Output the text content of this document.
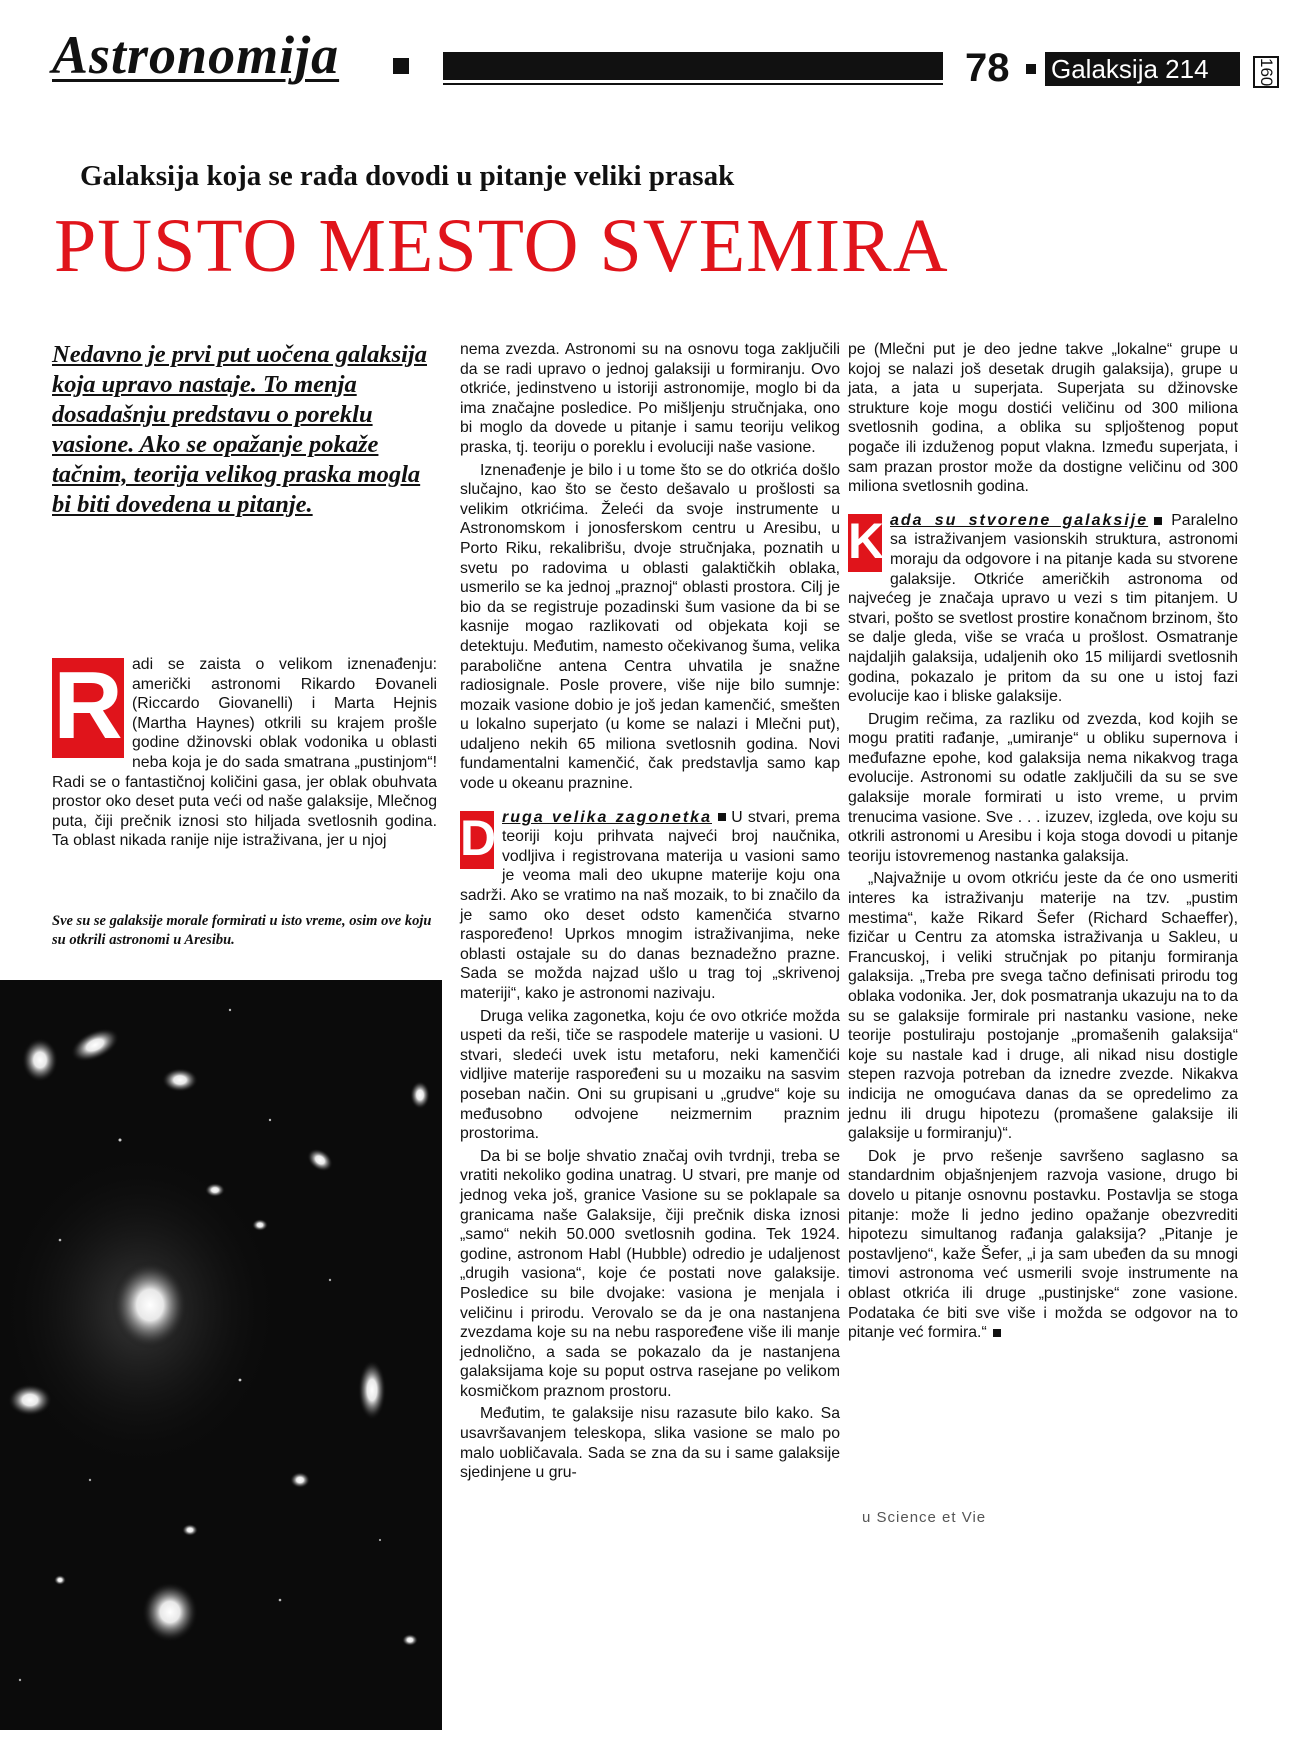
Astronomija	78 Galaksija 214	160
Galaksija koja se rađa dovodi u pitanje veliki prasak
PUSTO MESTO SVEMIRA
Nedavno je prvi put uočena galaksija koja upravo nastaje. To menja dosadašnju predstavu o poreklu vasione. Ako se opažanje pokaže tačnim, teorija velikog praska mogla bi biti dovedena u pitanje.

R adi se zaista o velikom iznenađenju: američki astronomi Rikardo Đovaneli (Riccardo Giovanelli) i Marta Hejnis (Martha Haynes) otkrili su krajem prošle godine džinovski oblak vodonika u oblasti neba koja je do sada smatrana „pustinjom“! Radi se o fantastičnoj količini gasa, jer oblak obuhvata prostor oko deset puta veći od naše galaksije, Mlečnog puta, čiji prečnik iznosi sto hiljada svetlosnih godina. Ta oblast nikada ranije nije istraživana, jer u njoj

Sve su se galaksije morale formirati u isto vreme, osim ove koju su otkrili astronomi u Aresibu.

nema zvezda. Astronomi su na osnovu toga zaključili da se radi upravo o jednoj galaksiji u formiranju. Ovo otkriće, jedinstveno u istoriji astronomije, moglo bi da ima značajne posledice. Po mišljenju stručnjaka, ono bi moglo da dovede u pitanje i samu teoriju velikog praska, tj. teoriju o poreklu i evoluciji naše vasione.

Iznenađenje je bilo i u tome što se do otkrića došlo slučajno, kao što se često dešavalo u prošlosti sa velikim otkrićima. Želeći da svoje instrumente u Astronomskom i jonosferskom centru u Aresibu, u Porto Riku, rekalibrišu, dvoje stručnjaka, poznatih u svetu po radovima u oblasti galaktičkih oblaka, usmerilo se ka jednoj „praznoj“ oblasti prostora. Cilj je bio da se registruje pozadinski šum vasione da bi se kasnije mogao razlikovati od objekata koji se detektuju. Međutim, namesto očekivanog šuma, velika parabolične antena Centra uhvatila je snažne radiosignale. Posle provere, više nije bilo sumnje: mozaik vasione dobio je još jedan kamenčić, smešten u lokalno superjato (u kome se nalazi i Mlečni put), udaljeno nekih 65 miliona svetlosnih godina. Novi fundamentalni kamenčić, čak predstavlja samo kap vode u okeanu praznine.

D ruga velika zagonetka U stvari, prema teoriji koju prihvata najveći broj naučnika, vodljiva i registrovana materija u vasioni samo je veoma mali deo ukupne materije koju ona sadrži. Ako se vratimo na naš mozaik, to bi značilo da je samo oko deset odsto kamenčića stvarno raspoređeno! Uprkos mnogim istraživanjima, neke oblasti ostajale su do danas beznadežno prazne. Sada se možda najzad ušlo u trag toj „skrivenoj materiji“, kako je astronomi nazivaju.

Druga velika zagonetka, koju će ovo otkriće možda uspeti da reši, tiče se raspodele materije u vasioni. U stvari, sledeći uvek istu metaforu, neki kamenčići vidljive materije raspoređeni su u mozaiku na sasvim poseban način. Oni su grupisani u „grudve“ koje su međusobno odvojene neizmernim praznim prostorima.

Da bi se bolje shvatio značaj ovih tvrdnji, treba se vratiti nekoliko godina unatrag. U stvari, pre manje od jednog veka još, granice Vasione su se poklapale sa granicama naše Galaksije, čiji prečnik diska iznosi „samo“ nekih 50.000 svetlosnih godina. Tek 1924. godine, astronom Habl (Hubble) odredio je udaljenost „drugih vasiona“, koje će postati nove galaksije. Posledice su bile dvojake: vasiona je menjala i veličinu i prirodu. Verovalo se da je ona nastanjena zvezdama koje su na nebu raspoređene više ili manje jednolično, a sada se pokazalo da je nastanjena galaksijama koje su poput ostrva rasejane po velikom kosmičkom praznom prostoru.

Međutim, te galaksije nisu razasute bilo kako. Sa usavršavanjem teleskopa, slika vasione se malo po malo uobličavala. Sada se zna da su i same galaksije sjedinjene u gru-

pe (Mlečni put je deo jedne takve „lokalne“ grupe u kojoj se nalazi još desetak drugih galaksija), grupe u jata, a jata u superjata. Superjata su džinovske strukture koje mogu dostići veličinu od 300 miliona svetlosnih godina, a oblika su spljoštenog poput pogače ili izduženog poput vlakna. Između superjata, i sam prazan prostor može da dostigne veličinu od 300 miliona svetlosnih godina.

K ada su stvorene galaksije Paralelno sa istraživanjem vasionskih struktura, astronomi moraju da odgovore i na pitanje kada su stvorene galaksije. Otkriće američkih astronoma od najvećeg je značaja upravo u vezi s tim pitanjem. U stvari, pošto se svetlost prostire konačnom brzinom, što se dalje gleda, više se vraća u prošlost. Osmatranje najdaljih galaksija, udaljenih oko 15 milijardi svetlosnih godina, pokazalo je pritom da su one u istoj fazi evolucije kao i bliske galaksije.

Drugim rečima, za razliku od zvezda, kod kojih se mogu pratiti rađanje, „umiranje“ u obliku supernova i međufazne epohe, kod galaksija nema nikakvog traga evolucije. Astronomi su odatle zaključili da su se sve galaksije morale formirati u isto vreme, u prvim trenucima vasione. Sve . . . izuzev, izgleda, ove koju su otkrili astronomi u Aresibu i koja stoga dovodi u pitanje teoriju istovremenog nastanka galaksija.

„Najvažnije u ovom otkriću jeste da će ono usmeriti interes ka istraživanju materije na tzv. „pustim mestima“, kaže Rikard Šefer (Richard Schaeffer), fizičar u Centru za atomska istraživanja u Sakleu, u Francuskoj, i veliki stručnjak po pitanju formiranja galaksija. „Treba pre svega tačno definisati prirodu tog oblaka vodonika. Jer, dok posmatranja ukazuju na to da su se galaksije formirale pri nastanku vasione, neke teorije postuliraju postojanje „promašenih galaksija“ koje su nastale kad i druge, ali nikad nisu dostigle stepen razvoja potreban da iznedre zvezde. Nikakva indicija ne omogućava danas da se opredelimo za jednu ili drugu hipotezu (promašene galaksije ili galaksije u formiranju)“.

Dok je prvo rešenje savršeno saglasno sa standardnim objašnjenjem razvoja vasione, drugo bi dovelo u pitanje osnovnu postavku. Postavlja se stoga pitanje: može li jedno jedino opažanje obezvrediti hipotezu simultanog rađanja galaksija? „Pitanje je postavljeno“, kaže Šefer, „i ja sam ubeđen da su mnogi timovi astronoma već usmerili svoje instrumente na oblast otkrića ili druge „pustinjske“ zone vasione. Podataka će biti sve više i možda se odgovor na to pitanje već formira.“

u Science et Vie
